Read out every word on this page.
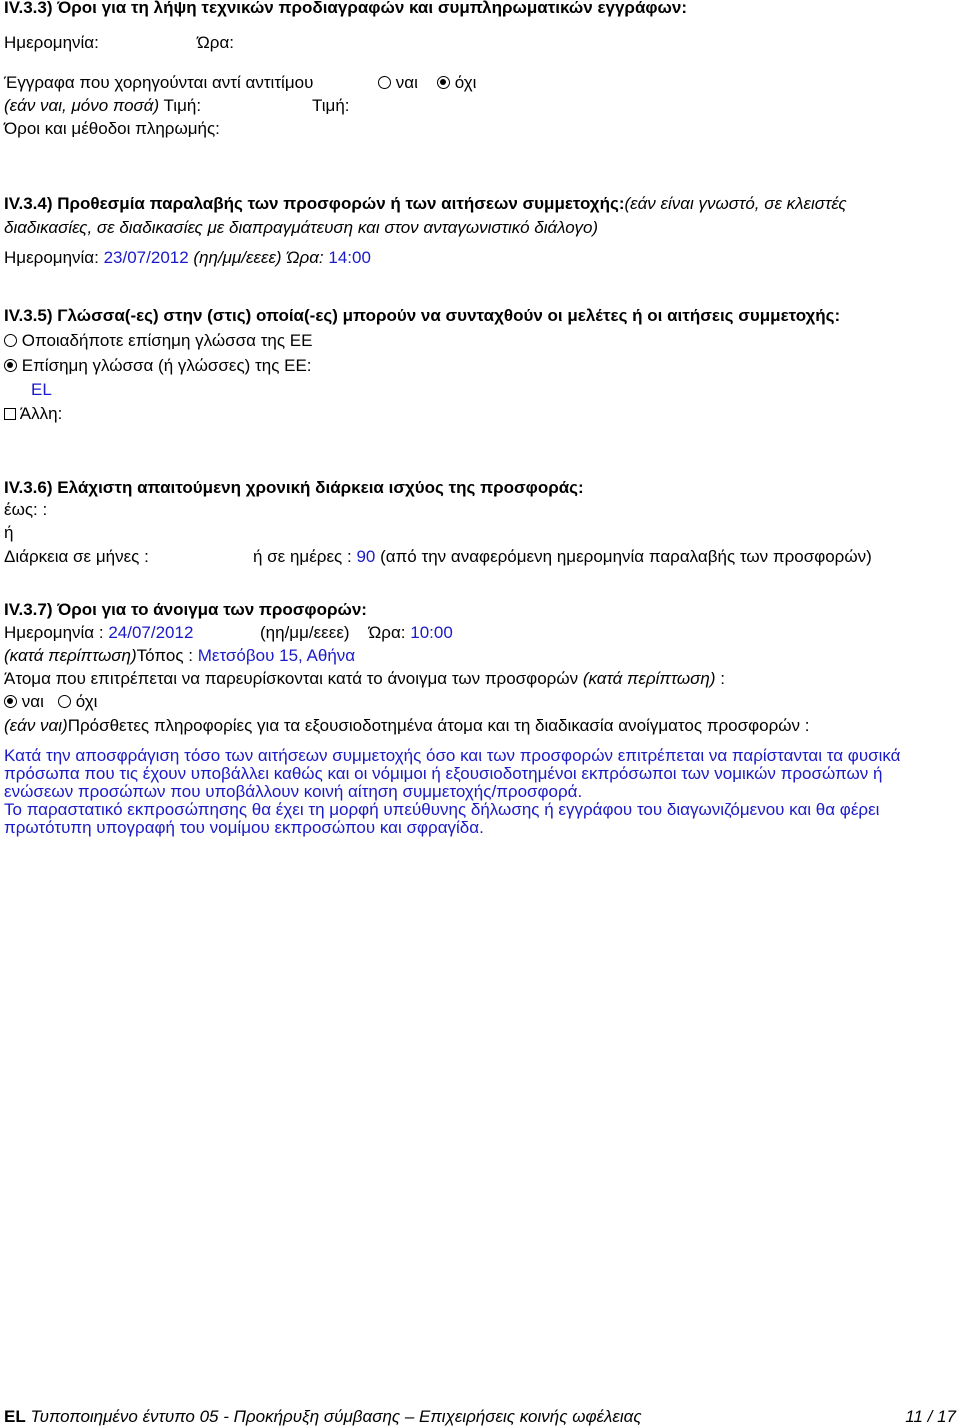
IV.3.3) Όροι για τη λήψη τεχνικών προδιαγραφών και συμπληρωματικών εγγράφων:
Ημερομηνία:	Ώρα:
Έγγραφα που χορηγούνται αντί αντιτίμου	ναι	όχι
(εάν ναι, μόνο ποσά) Τιμή:	Τιμή:
Όροι και μέθοδοι πληρωμής:
IV.3.4) Προθεσμία παραλαβής των προσφορών ή των αιτήσεων συμμετοχής:(εάν είναι γνωστό, σε κλειστές
διαδικασίες, σε διαδικασίες με διαπραγμάτευση και στον ανταγωνιστικό διάλογο)
Ημερομηνία: 23/07/2012 (ηη/μμ/εεεε) Ώρα: 14:00
IV.3.5) Γλώσσα(-ες) στην (στις) οποία(-ες) μπορούν να συνταχθούν οι μελέτες ή οι αιτήσεις συμμετοχής:
Οποιαδήποτε επίσημη γλώσσα της ΕΕ
Επίσημη γλώσσα (ή γλώσσες) της ΕΕ:
EL
Άλλη:
IV.3.6) Ελάχιστη απαιτούμενη χρονική διάρκεια ισχύος της προσφοράς:
έως: :
ή
Διάρκεια σε μήνες :	ή σε ημέρες : 90 (από την αναφερόμενη ημερομηνία παραλαβής των προσφορών)
IV.3.7) Όροι για το άνοιγμα των προσφορών:
Ημερομηνία : 24/07/2012	(ηη/μμ/εεεε) Ώρα: 10:00
(κατά περίπτωση)Τόπος : Μετσόβου 15, Αθήνα
Άτομα που επιτρέπεται να παρευρίσκονται κατά το άνοιγμα των προσφορών (κατά περίπτωση) :
ναι όχι
(εάν ναι)Πρόσθετες πληροφορίες για τα εξουσιοδοτημένα άτομα και τη διαδικασία ανοίγματος προσφορών :
Κατά την αποσφράγιση τόσο των αιτήσεων συμμετοχής όσο και των προσφορών επιτρέπεται να παρίστανται τα φυσικά πρόσωπα που τις έχουν υποβάλλει καθώς και οι νόμιμοι ή εξουσιοδοτημένοι εκπρόσωποι των νομικών προσώπων ή ενώσεων προσώπων που υποβάλλουν κοινή αίτηση συμμετοχής/προσφορά.
Το παραστατικό εκπροσώπησης θα έχει τη μορφή υπεύθυνης δήλωσης ή εγγράφου του διαγωνιζόμενου και θα φέρει πρωτότυπη υπογραφή του νομίμου εκπροσώπου και σφραγίδα.
EL Τυποποιημένο έντυπο 05 - Προκήρυξη σύμβασης – Επιχειρήσεις κοινής ωφέλειας	11 / 17
